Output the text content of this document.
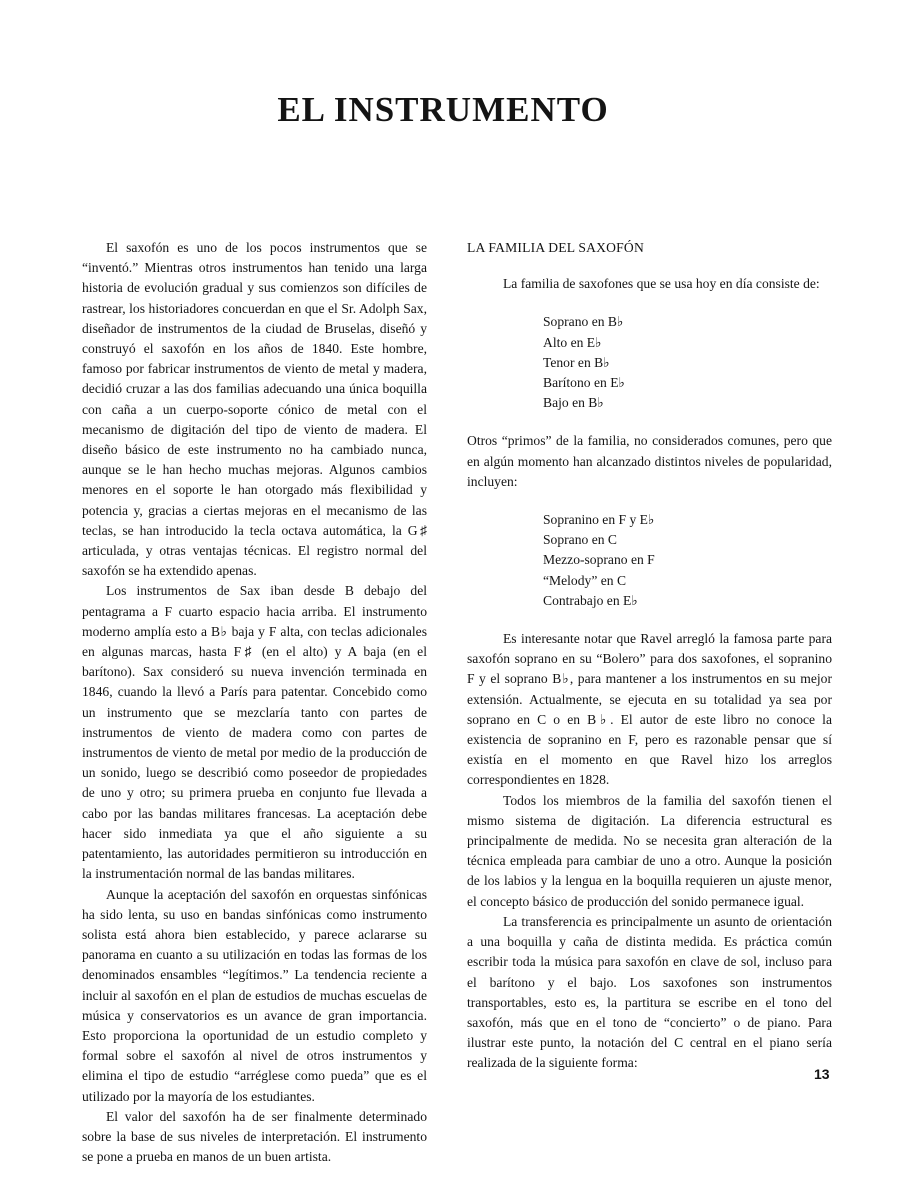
EL INSTRUMENTO

El saxofón es uno de los pocos instrumentos que se “inventó.” Mientras otros instrumentos han tenido una larga historia de evolución gradual y sus comienzos son difíciles de rastrear, los historiadores concuerdan en que el Sr. Adolph Sax, diseñador de instrumentos de la ciudad de Bruselas, diseñó y construyó el saxofón en los años de 1840. Este hombre, famoso por fabricar instrumentos de viento de metal y madera, decidió cruzar a las dos familias adecuando una única boquilla con caña a un cuerpo-soporte cónico de metal con el mecanismo de digitación del tipo de viento de madera. El diseño básico de este instrumento no ha cambiado nunca, aunque se le han hecho muchas mejoras. Algunos cambios menores en el soporte le han otorgado más flexibilidad y potencia y, gracias a ciertas mejoras en el mecanismo de las teclas, se han introducido la tecla octava automática, la G♯ articulada, y otras ventajas técnicas. El registro normal del saxofón se ha extendido apenas.

Los instrumentos de Sax iban desde B debajo del pentagrama a F cuarto espacio hacia arriba. El instrumento moderno amplía esto a B♭ baja y F alta, con teclas adicionales en algunas marcas, hasta F♯ (en el alto) y A baja (en el barítono). Sax consideró su nueva invención terminada en 1846, cuando la llevó a París para patentar. Concebido como un instrumento que se mezclaría tanto con partes de instrumentos de viento de madera como con partes de instrumentos de viento de metal por medio de la producción de un sonido, luego se describió como poseedor de propiedades de uno y otro; su primera prueba en conjunto fue llevada a cabo por las bandas militares francesas. La aceptación debe hacer sido inmediata ya que el año siguiente a su patentamiento, las autoridades permitieron su introducción en la instrumentación normal de las bandas militares.

Aunque la aceptación del saxofón en orquestas sinfónicas ha sido lenta, su uso en bandas sinfónicas como instrumento solista está ahora bien establecido, y parece aclararse su panorama en cuanto a su utilización en todas las formas de los denominados ensambles “legítimos.” La tendencia reciente a incluir al saxofón en el plan de estudios de muchas escuelas de música y conservatorios es un avance de gran importancia. Esto proporciona la oportunidad de un estudio completo y formal sobre el saxofón al nivel de otros instrumentos y elimina el tipo de estudio “arréglese como pueda” que es el utilizado por la mayoría de los estudiantes.

El valor del saxofón ha de ser finalmente determinado sobre la base de sus niveles de interpretación. El instrumento se pone a prueba en manos de un buen artista.

LA FAMILIA DEL SAXOFÓN

La familia de saxofones que se usa hoy en día consiste de:

Soprano en B♭
Alto en E♭
Tenor en B♭
Barítono en E♭
Bajo en B♭

Otros “primos” de la familia, no considerados comunes, pero que en algún momento han alcanzado distintos niveles de popularidad, incluyen:

Sopranino en F y E♭
Soprano en C
Mezzo-soprano en F
“Melody” en C
Contrabajo en E♭

Es interesante notar que Ravel arregló la famosa parte para saxofón soprano en su “Bolero” para dos saxofones, el sopranino F y el soprano B♭, para mantener a los instrumentos en su mejor extensión. Actualmente, se ejecuta en su totalidad ya sea por soprano en C o en B♭. El autor de este libro no conoce la existencia de sopranino en F, pero es razonable pensar que sí existía en el momento en que Ravel hizo los arreglos correspondientes en 1828.

Todos los miembros de la familia del saxofón tienen el mismo sistema de digitación. La diferencia estructural es principalmente de medida. No se necesita gran alteración de la técnica empleada para cambiar de uno a otro. Aunque la posición de los labios y la lengua en la boquilla requieren un ajuste menor, el concepto básico de producción del sonido permanece igual.

La transferencia es principalmente un asunto de orientación a una boquilla y caña de distinta medida. Es práctica común escribir toda la música para saxofón en clave de sol, incluso para el barítono y el bajo. Los saxofones son instrumentos transportables, esto es, la partitura se escribe en el tono del saxofón, más que en el tono de “concierto” o de piano. Para ilustrar este punto, la notación del C central en el piano sería realizada de la siguiente forma:

13
